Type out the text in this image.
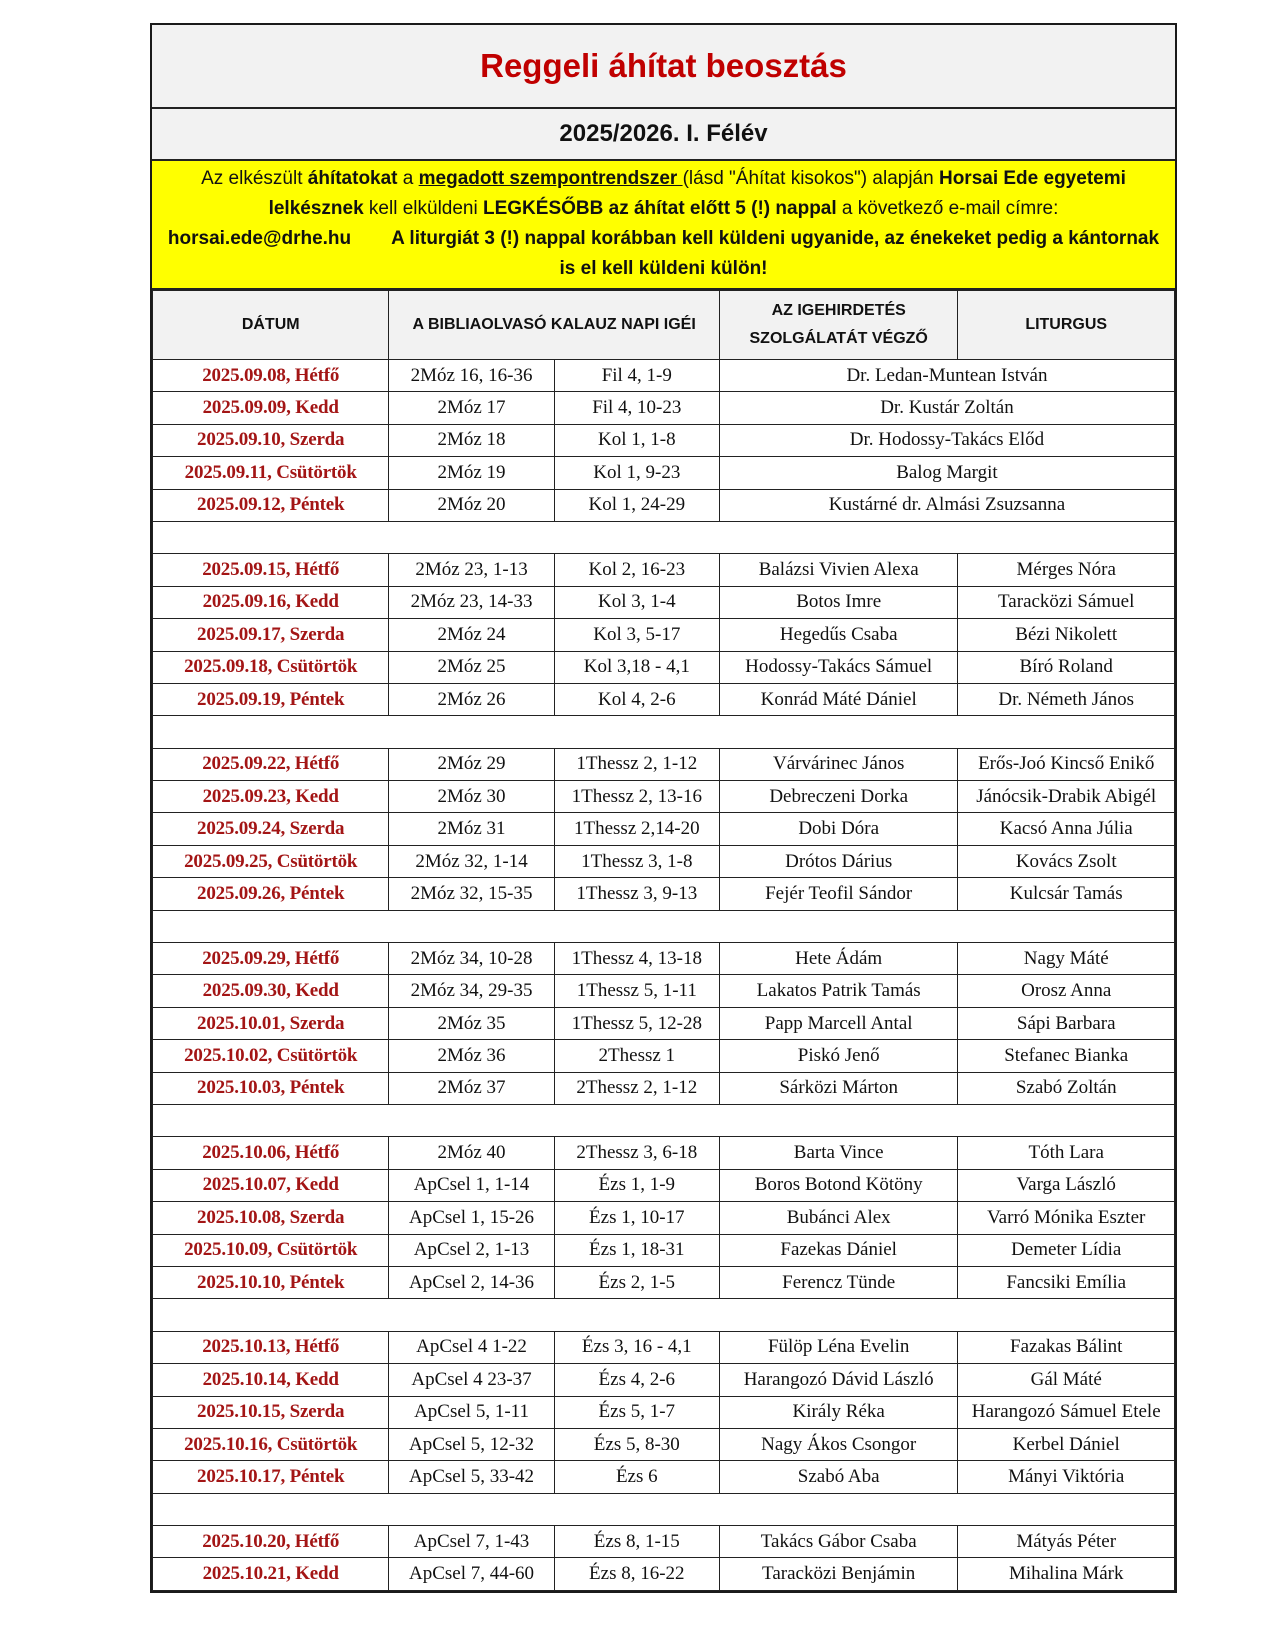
Reggeli áhítat beosztás
2025/2026. I. Félév
Az elkészült áhítatokat a megadott szempontrendszer (lásd "Áhítat kisokos") alapján Horsai Ede egyetemi lelkésznek kell elküldeni LEGKÉSŐBB az áhítat előtt 5 (!) nappal a következő e-mail címre:
horsai.ede@drhe.hu A liturgiát 3 (!) nappal korábban kell küldeni ugyanide, az énekeket pedig a kántornak is el kell küldeni külön!
DÁTUM	A BIBLIAOLVASÓ KALAUZ NAPI IGÉI		AZ IGEHIRDETÉS
SZOLGÁLATÁT VÉGZŐ	LITURGUS
2025.09.08, Hétfő	2Móz 16, 16-36	Fil 4, 1-9	Dr. Ledan-Muntean István	
2025.09.09, Kedd	2Móz 17	Fil 4, 10-23	Dr. Kustár Zoltán	
2025.09.10, Szerda	2Móz 18	Kol 1, 1-8	Dr. Hodossy-Takács Előd	
2025.09.11, Csütörtök	2Móz 19	Kol 1, 9-23	Balog Margit	
2025.09.12, Péntek	2Móz 20	Kol 1, 24-29	Kustárné dr. Almási Zsuzsanna	

2025.09.15, Hétfő	2Móz 23, 1-13	Kol 2, 16-23	Balázsi Vivien Alexa	Mérges Nóra
2025.09.16, Kedd	2Móz 23, 14-33	Kol 3, 1-4	Botos Imre	Taracközi Sámuel
2025.09.17, Szerda	2Móz 24	Kol 3, 5-17	Hegedűs Csaba	Bézi Nikolett
2025.09.18, Csütörtök	2Móz 25	Kol 3,18 - 4,1	Hodossy-Takács Sámuel	Bíró Roland
2025.09.19, Péntek	2Móz 26	Kol 4, 2-6	Konrád Máté Dániel	Dr. Németh János

2025.09.22, Hétfő	2Móz 29	1Thessz 2, 1-12	Várvárinec János	Erős-Joó Kincső Enikő
2025.09.23, Kedd	2Móz 30	1Thessz 2, 13-16	Debreczeni Dorka	Jánócsik-Drabik Abigél
2025.09.24, Szerda	2Móz 31	1Thessz 2,14-20	Dobi Dóra	Kacsó Anna Júlia
2025.09.25, Csütörtök	2Móz 32, 1-14	1Thessz 3, 1-8	Drótos Dárius	Kovács Zsolt
2025.09.26, Péntek	2Móz 32, 15-35	1Thessz 3, 9-13	Fejér Teofil Sándor	Kulcsár Tamás

2025.09.29, Hétfő	2Móz 34, 10-28	1Thessz 4, 13-18	Hete Ádám	Nagy Máté
2025.09.30, Kedd	2Móz 34, 29-35	1Thessz 5, 1-11	Lakatos Patrik Tamás	Orosz Anna
2025.10.01, Szerda	2Móz 35	1Thessz 5, 12-28	Papp Marcell Antal	Sápi Barbara
2025.10.02, Csütörtök	2Móz 36	2Thessz 1	Piskó Jenő	Stefanec Bianka
2025.10.03, Péntek	2Móz 37	2Thessz 2, 1-12	Sárközi Márton	Szabó Zoltán

2025.10.06, Hétfő	2Móz 40	2Thessz 3, 6-18	Barta Vince	Tóth Lara
2025.10.07, Kedd	ApCsel 1, 1-14	Ézs 1, 1-9	Boros Botond Kötöny	Varga László
2025.10.08, Szerda	ApCsel 1, 15-26	Ézs 1, 10-17	Bubánci Alex	Varró Mónika Eszter
2025.10.09, Csütörtök	ApCsel 2, 1-13	Ézs 1, 18-31	Fazekas Dániel	Demeter Lídia
2025.10.10, Péntek	ApCsel 2, 14-36	Ézs 2, 1-5	Ferencz Tünde	Fancsiki Emília

2025.10.13, Hétfő	ApCsel 4 1-22	Ézs 3, 16 - 4,1	Fülöp Léna Evelin	Fazakas Bálint
2025.10.14, Kedd	ApCsel 4 23-37	Ézs 4, 2-6	Harangozó Dávid László	Gál Máté
2025.10.15, Szerda	ApCsel 5, 1-11	Ézs 5, 1-7	Király Réka	Harangozó Sámuel Etele
2025.10.16, Csütörtök	ApCsel 5, 12-32	Ézs 5, 8-30	Nagy Ákos Csongor	Kerbel Dániel
2025.10.17, Péntek	ApCsel 5, 33-42	Ézs 6	Szabó Aba	Mányi Viktória

2025.10.20, Hétfő	ApCsel 7, 1-43	Ézs 8, 1-15	Takács Gábor Csaba	Mátyás Péter
2025.10.21, Kedd	ApCsel 7, 44-60	Ézs 8, 16-22	Taracközi Benjámin	Mihalina Márk
